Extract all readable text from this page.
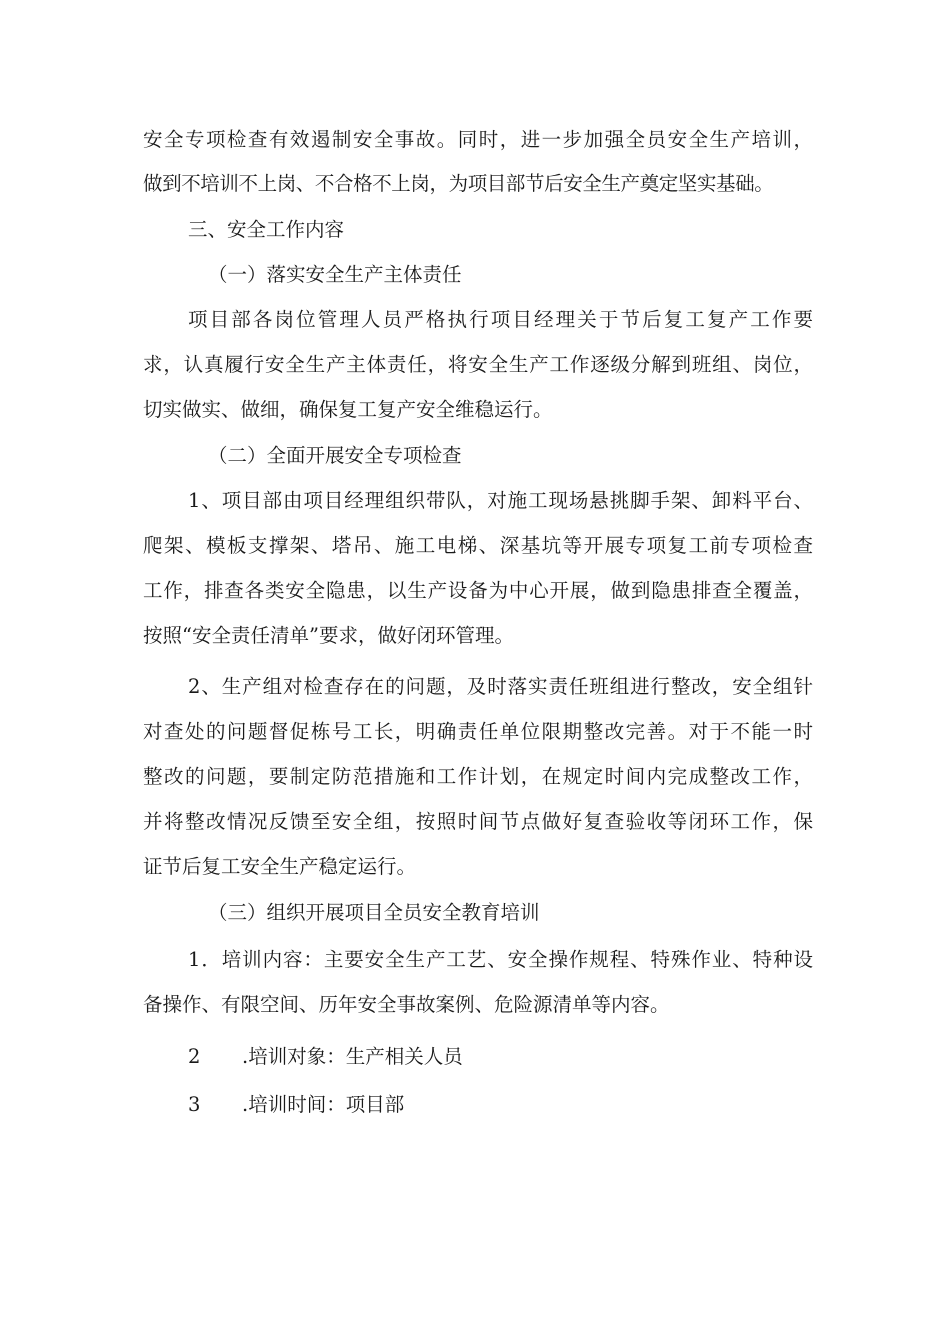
安全专项检查有效遏制安全事故。同时，进一步加强全员安全生产培训，
做到不培训不上岗、不合格不上岗，为项目部节后安全生产奠定坚实基础。
三、安全工作内容
（一）落实安全生产主体责任
项目部各岗位管理人员严格执行项目经理关于节后复工复产工作要
求，认真履行安全生产主体责任，将安全生产工作逐级分解到班组、岗位，
切实做实、做细，确保复工复产安全维稳运行。
（二）全面开展安全专项检查
1、项目部由项目经理组织带队，对施工现场悬挑脚手架、卸料平台、
爬架、模板支撑架、塔吊、施工电梯、深基坑等开展专项复工前专项检查
工作，排查各类安全隐患，以生产设备为中心开展，做到隐患排查全覆盖，
按照“安全责任清单”要求，做好闭环管理。
2、生产组对检查存在的问题，及时落实责任班组进行整改，安全组针
对查处的问题督促栋号工长，明确责任单位限期整改完善。对于不能一时
整改的问题，要制定防范措施和工作计划，在规定时间内完成整改工作，
并将整改情况反馈至安全组，按照时间节点做好复查验收等闭环工作，保
证节后复工安全生产稳定运行。
（三）组织开展项目全员安全教育培训
1．培训内容：主要安全生产工艺、安全操作规程、特殊作业、特种设
备操作、有限空间、历年安全事故案例、危险源清单等内容。
2 .培训对象：生产相关人员
3 .培训时间：项目部
